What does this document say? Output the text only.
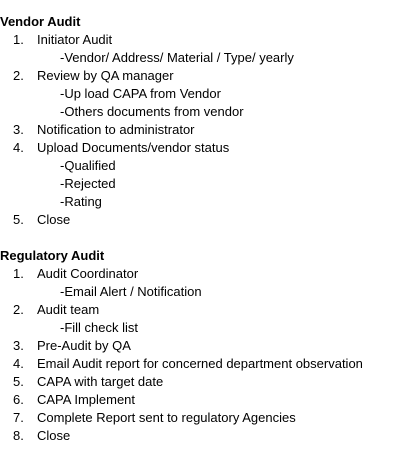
Vendor Audit
1. Initiator Audit
-Vendor/ Address/ Material / Type/ yearly
2. Review by QA manager
-Up load CAPA from Vendor
-Others documents from vendor
3. Notification to administrator
4. Upload Documents/vendor status
-Qualified
-Rejected
-Rating
5. Close
Regulatory Audit
1. Audit Coordinator
-Email Alert / Notification
2. Audit team
-Fill check list
3. Pre-Audit by QA
4. Email Audit report for concerned department observation
5. CAPA with target date
6. CAPA Implement
7. Complete Report sent to regulatory Agencies
8. Close
